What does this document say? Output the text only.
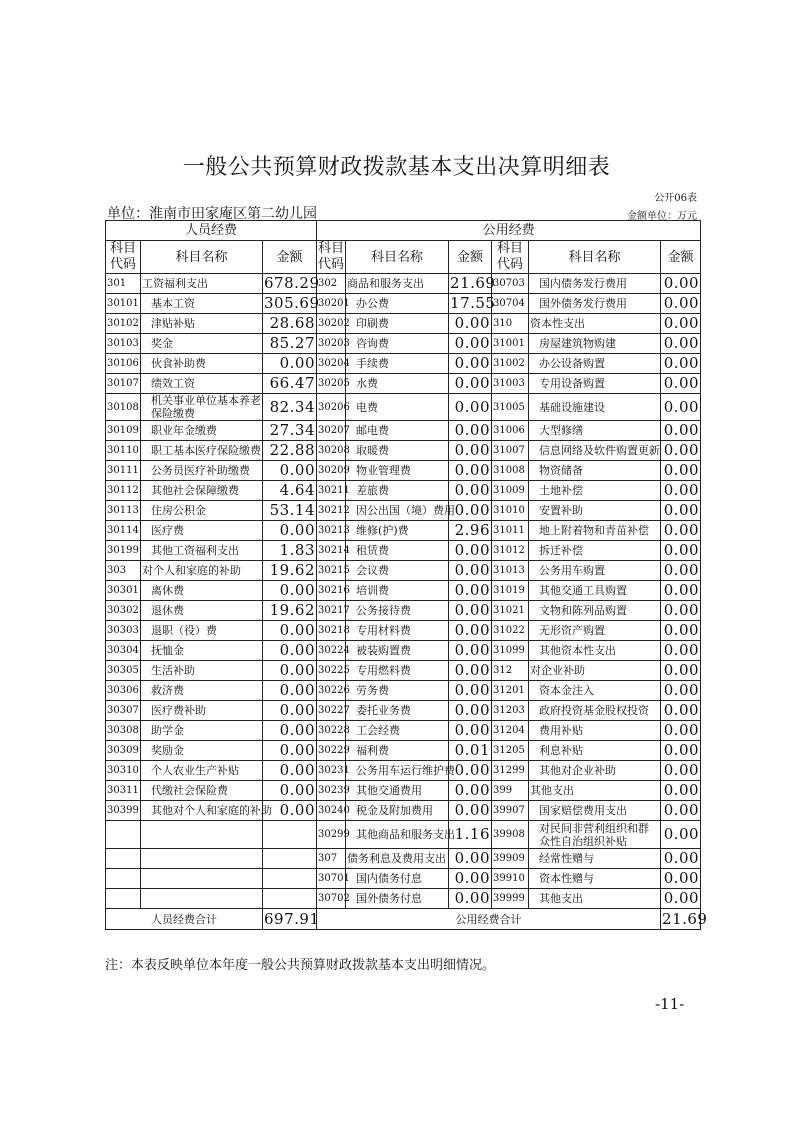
一般公共预算财政拨款基本支出决算明细表
公开06表
单位：淮南市田家庵区第二幼儿园	金额单位：万元
人员经费			公用经费					
科目
代码	科目名称	金额	科目
代码	科目名称	金额	科目
代码	科目名称	金额
301	工资福利支出	678.29	302	商品和服务支出	21.69	30703	国内债务发行费用	0.00
30101	基本工资	305.69	30201	办公费	17.55	30704	国外债务发行费用	0.00
30102	津贴补贴	28.68	30202	印刷费	0.00	310	资本性支出	0.00
30103	奖金	85.27	30203	咨询费	0.00	31001	房屋建筑物购建	0.00
30106	伙食补助费	0.00	30204	手续费	0.00	31002	办公设备购置	0.00
30107	绩效工资	66.47	30205	水费	0.00	31003	专用设备购置	0.00
30108	机关事业单位基本养老保险缴费	82.34	30206	电费	0.00	31005	基础设施建设	0.00
30109	职业年金缴费	27.34	30207	邮电费	0.00	31006	大型修缮	0.00
30110	职工基本医疗保险缴费	22.88	30208	取暖费	0.00	31007	信息网络及软件购置更新	0.00
30111	公务员医疗补助缴费	0.00	30209	物业管理费	0.00	31008	物资储备	0.00
30112	其他社会保障缴费	4.64	30211	差旅费	0.00	31009	土地补偿	0.00
30113	住房公积金	53.14	30212	因公出国（境）费用	0.00	31010	安置补助	0.00
30114	医疗费	0.00	30213	维修(护)费	2.96	31011	地上附着物和青苗补偿	0.00
30199	其他工资福利支出	1.83	30214	租赁费	0.00	31012	拆迁补偿	0.00
303	对个人和家庭的补助	19.62	30215	会议费	0.00	31013	公务用车购置	0.00
30301	离休费	0.00	30216	培训费	0.00	31019	其他交通工具购置	0.00
30302	退休费	19.62	30217	公务接待费	0.00	31021	文物和陈列品购置	0.00
30303	退职（役）费	0.00	30218	专用材料费	0.00	31022	无形资产购置	0.00
30304	抚恤金	0.00	30224	被装购置费	0.00	31099	其他资本性支出	0.00
30305	生活补助	0.00	30225	专用燃料费	0.00	312	对企业补助	0.00
30306	救济费	0.00	30226	劳务费	0.00	31201	资本金注入	0.00
30307	医疗费补助	0.00	30227	委托业务费	0.00	31203	政府投资基金股权投资	0.00
30308	助学金	0.00	30228	工会经费	0.00	31204	费用补贴	0.00
30309	奖励金	0.00	30229	福利费	0.01	31205	利息补贴	0.00
30310	个人农业生产补贴	0.00	30231	公务用车运行维护费	0.00	31299	其他对企业补助	0.00
30311	代缴社会保险费	0.00	30239	其他交通费用	0.00	399	其他支出	0.00
30399	其他对个人和家庭的补助	0.00	30240	税金及附加费用	0.00	39907	国家赔偿费用支出	0.00
			30299	其他商品和服务支出	1.16	39908	对民间非营利组织和群众性自治组织补贴	0.00
			307	债务利息及费用支出	0.00	39909	经常性赠与	0.00
			30701	国内债务付息	0.00	39910	资本性赠与	0.00
			30702	国外债务付息	0.00	39999	其他支出	0.00
人员经费合计		697.91	公用经费合计					21.69
注：本表反映单位本年度一般公共预算财政拨款基本支出明细情况。
-11-
